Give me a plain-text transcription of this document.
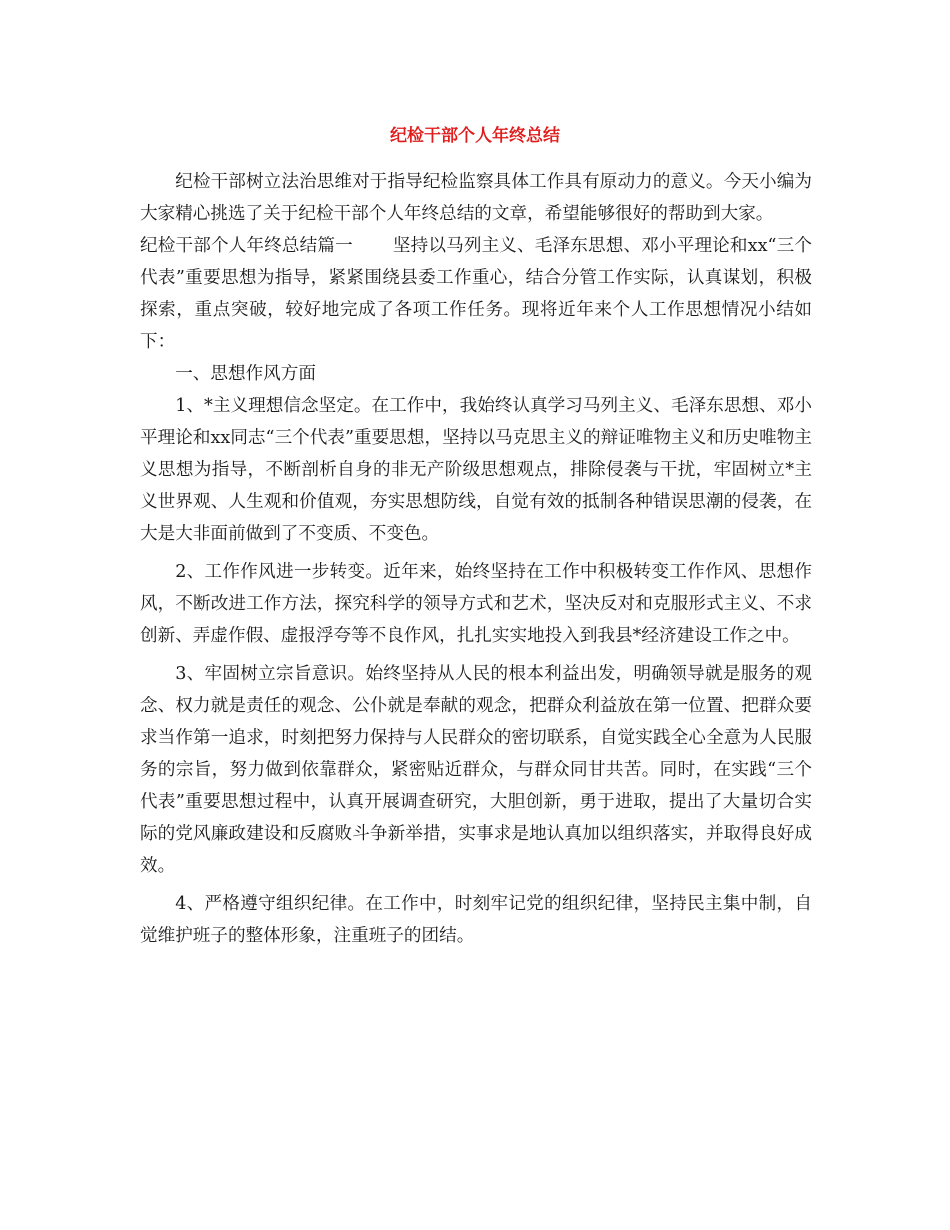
纪检干部个人年终总结

纪检干部树立法治思维对于指导纪检监察具体工作具有原动力的意义。今天小编为大家精心挑选了关于纪检干部个人年终总结的文章，希望能够很好的帮助到大家。

纪检干部个人年终总结篇一 坚持以马列主义、毛泽东思想、邓小平理论和xx“三个代表”重要思想为指导，紧紧围绕县委工作重心，结合分管工作实际，认真谋划，积极探索，重点突破，较好地完成了各项工作任务。现将近年来个人工作思想情况小结如下：

一、思想作风方面

1、*主义理想信念坚定。在工作中，我始终认真学习马列主义、毛泽东思想、邓小平理论和xx同志“三个代表”重要思想，坚持以马克思主义的辩证唯物主义和历史唯物主义思想为指导，不断剖析自身的非无产阶级思想观点，排除侵袭与干扰，牢固树立*主义世界观、人生观和价值观，夯实思想防线，自觉有效的抵制各种错误思潮的侵袭，在大是大非面前做到了不变质、不变色。

2、工作作风进一步转变。近年来，始终坚持在工作中积极转变工作作风、思想作风，不断改进工作方法，探究科学的领导方式和艺术，坚决反对和克服形式主义、不求创新、弄虚作假、虚报浮夸等不良作风，扎扎实实地投入到我县*经济建设工作之中。

3、牢固树立宗旨意识。始终坚持从人民的根本利益出发，明确领导就是服务的观念、权力就是责任的观念、公仆就是奉献的观念，把群众利益放在第一位置、把群众要求当作第一追求，时刻把努力保持与人民群众的密切联系，自觉实践全心全意为人民服务的宗旨，努力做到依靠群众，紧密贴近群众，与群众同甘共苦。同时，在实践“三个代表”重要思想过程中，认真开展调查研究，大胆创新，勇于进取，提出了大量切合实际的党风廉政建设和反腐败斗争新举措，实事求是地认真加以组织落实，并取得良好成效。

4、严格遵守组织纪律。在工作中，时刻牢记党的组织纪律，坚持民主集中制，自觉维护班子的整体形象，注重班子的团结。
